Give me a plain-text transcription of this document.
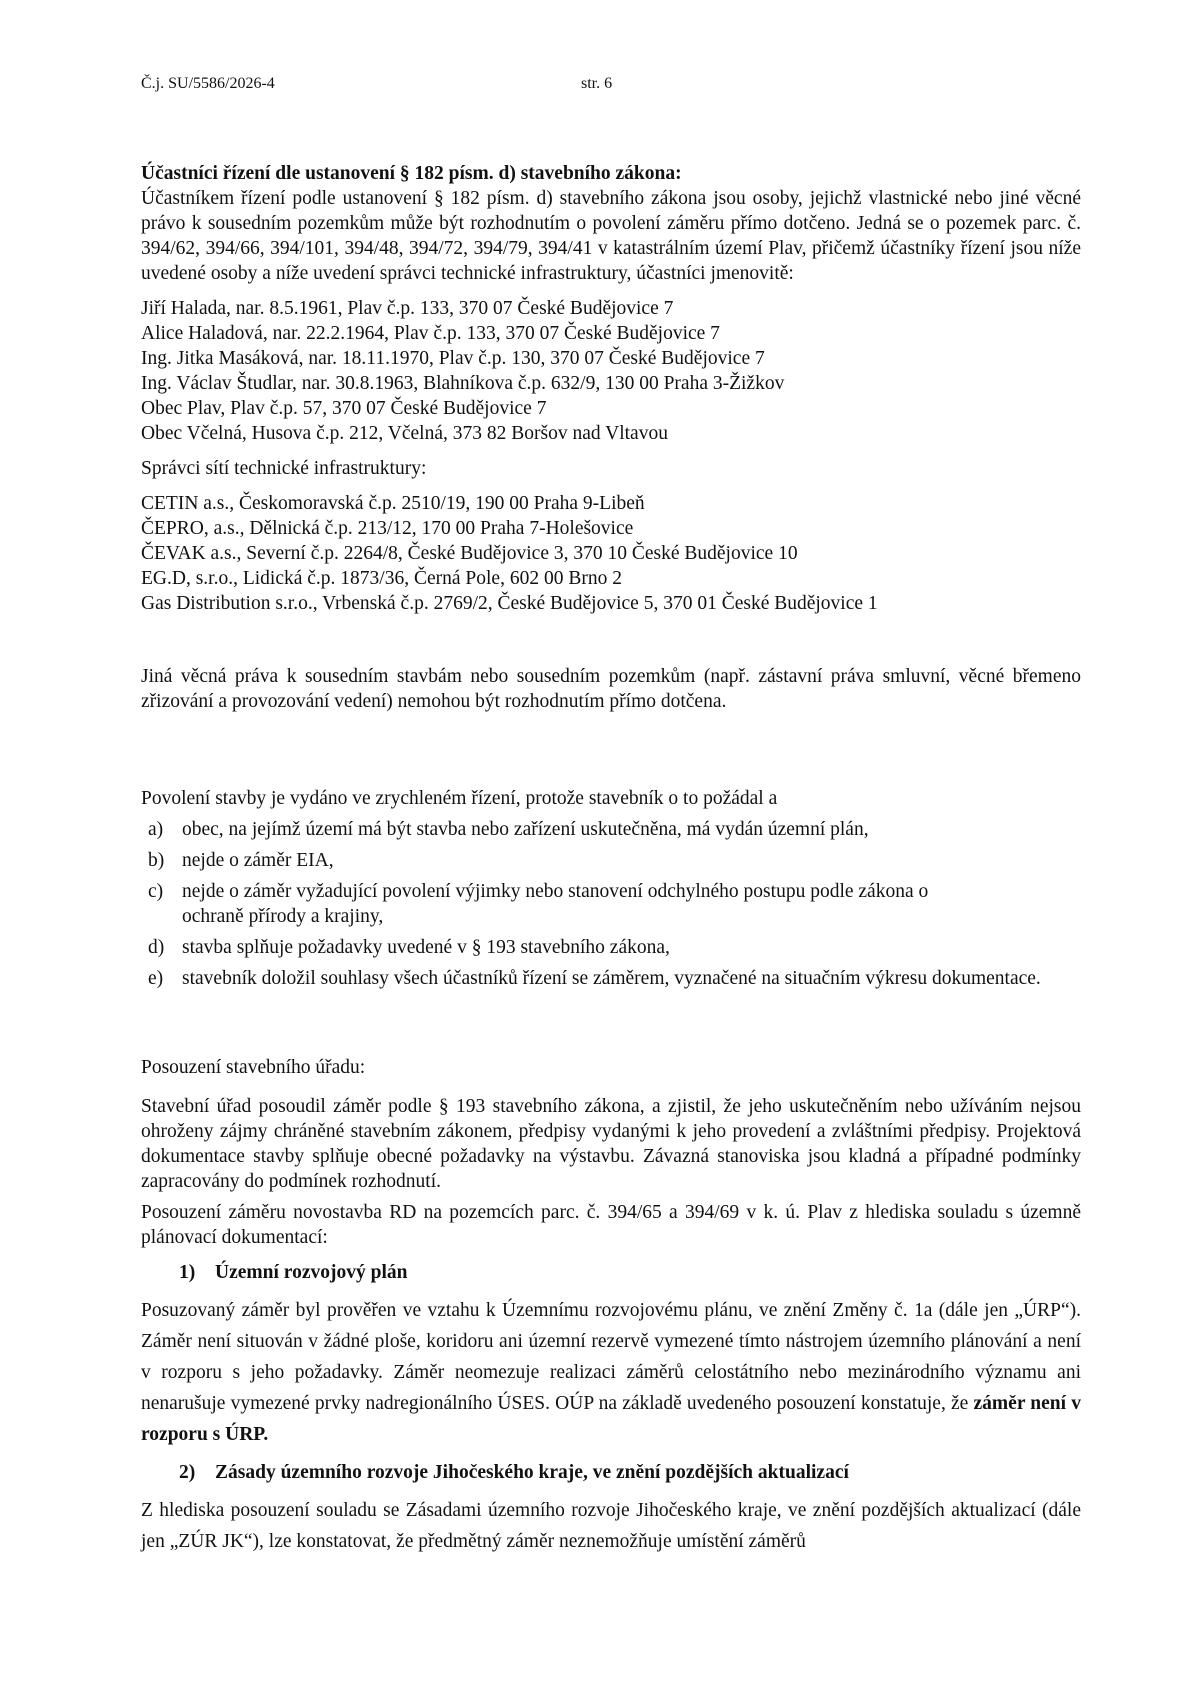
Č.j. SU/5586/2026-4	str. 6

Účastníci řízení dle ustanovení § 182 písm. d) stavebního zákona:

Účastníkem řízení podle ustanovení § 182 písm. d) stavebního zákona jsou osoby, jejichž vlastnické nebo jiné věcné právo k sousedním pozemkům může být rozhodnutím o povolení záměru přímo dotčeno. Jedná se o pozemek parc. č. 394/62, 394/66, 394/101, 394/48, 394/72, 394/79, 394/41 v katastrálním území Plav, přičemž účastníky řízení jsou níže uvedené osoby a níže uvedení správci technické infrastruktury, účastníci jmenovitě:

Jiří Halada, nar. 8.5.1961, Plav č.p. 133, 370 07 České Budějovice 7
Alice Haladová, nar. 22.2.1964, Plav č.p. 133, 370 07 České Budějovice 7
Ing. Jitka Masáková, nar. 18.11.1970, Plav č.p. 130, 370 07 České Budějovice 7
Ing. Václav Študlar, nar. 30.8.1963, Blahníkova č.p. 632/9, 130 00 Praha 3-Žižkov
Obec Plav, Plav č.p. 57, 370 07 České Budějovice 7
Obec Včelná, Husova č.p. 212, Včelná, 373 82 Boršov nad Vltavou

Správci sítí technické infrastruktury:

CETIN a.s., Českomoravská č.p. 2510/19, 190 00 Praha 9-Libeň
ČEPRO, a.s., Dělnická č.p. 213/12, 170 00 Praha 7-Holešovice
ČEVAK a.s., Severní č.p. 2264/8, České Budějovice 3, 370 10 České Budějovice 10
EG.D, s.r.o., Lidická č.p. 1873/36, Černá Pole, 602 00 Brno 2
Gas Distribution s.r.o., Vrbenská č.p. 2769/2, České Budějovice 5, 370 01 České Budějovice 1

Jiná věcná práva k sousedním stavbám nebo sousedním pozemkům (např. zástavní práva smluvní, věcné břemeno zřizování a provozování vedení) nemohou být rozhodnutím přímo dotčena.

Povolení stavby je vydáno ve zrychleném řízení, protože stavebník o to požádal a

a) obec, na jejímž území má být stavba nebo zařízení uskutečněna, má vydán územní plán,
b) nejde o záměr EIA,
c) nejde o záměr vyžadující povolení výjimky nebo stanovení odchylného postupu podle zákona o ochraně přírody a krajiny,
d) stavba splňuje požadavky uvedené v § 193 stavebního zákona,
e) stavebník doložil souhlasy všech účastníků řízení se záměrem, vyznačené na situačním výkresu dokumentace.

Posouzení stavebního úřadu:

Stavební úřad posoudil záměr podle § 193 stavebního zákona, a zjistil, že jeho uskutečněním nebo užíváním nejsou ohroženy zájmy chráněné stavebním zákonem, předpisy vydanými k jeho provedení a zvláštními předpisy. Projektová dokumentace stavby splňuje obecné požadavky na výstavbu. Závazná stanoviska jsou kladná a případné podmínky zapracovány do podmínek rozhodnutí.

Posouzení záměru novostavba RD na pozemcích parc. č. 394/65 a 394/69 v k. ú. Plav z hlediska souladu s územně plánovací dokumentací:

1) Územní rozvojový plán

Posuzovaný záměr byl prověřen ve vztahu k Územnímu rozvojovému plánu, ve znění Změny č. 1a (dále jen „ÚRP“). Záměr není situován v žádné ploše, koridoru ani územní rezervě vymezené tímto nástrojem územního plánování a není v rozporu s jeho požadavky. Záměr neomezuje realizaci záměrů celostátního nebo mezinárodního významu ani nenarušuje vymezené prvky nadregionálního ÚSES. OÚP na základě uvedeného posouzení konstatuje, že záměr není v rozporu s ÚRP.

2) Zásady územního rozvoje Jihočeského kraje, ve znění pozdějších aktualizací

Z hlediska posouzení souladu se Zásadami územního rozvoje Jihočeského kraje, ve znění pozdějších aktualizací (dále jen „ZÚR JK“), lze konstatovat, že předmětný záměr neznemožňuje umístění záměrů
